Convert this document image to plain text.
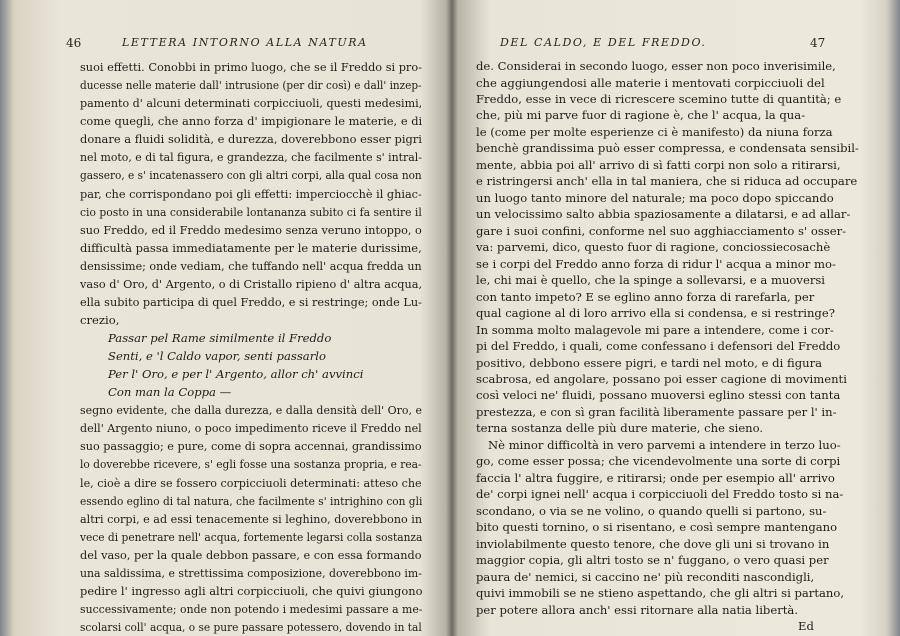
46	LETTERA INTORNO ALLA NATURA
suoi effetti. Conobbi in primo luogo, che se il Freddo si pro-
ducesse nelle materie dall' intrusione (per dir così) e dall' inzep-
pamento d' alcuni determinati corpicciuoli, questi medesimi,
come quegli, che anno forza d' impigionare le materie, e di
donare a fluidi solidità, e durezza, doverebbono esser pigri
nel moto, e di tal figura, e grandezza, che facilmente s' intral-
gassero, e s' incatenassero con gli altri corpi, alla qual cosa non
par, che corrispondano poi gli effetti: imperciocchè il ghiac-
cio posto in una considerabile lontananza subito ci fa sentire il
suo Freddo, ed il Freddo medesimo senza veruno intoppo, o
difficultà passa immediatamente per le materie durissime,
densissime; onde vediam, che tuffando nell' acqua fredda un
vaso d' Oro, d' Argento, o di Cristallo ripieno d' altra acqua,
ella subito participa di quel Freddo, e si restringe; onde Lu-
crezio,
Passar pel Rame similmente il Freddo
Senti, e 'l Caldo vapor, senti passarlo
Per l' Oro, e per l' Argento, allor ch' avvinci
Con man la Coppa —
segno evidente, che dalla durezza, e dalla densità dell' Oro, e
dell' Argento niuno, o poco impedimento riceve il Freddo nel
suo passaggio; e pure, come di sopra accennai, grandissimo
lo doverebbe ricevere, s' egli fosse una sostanza propria, e rea-
le, cioè a dire se fossero corpicciuoli determinati: atteso che
essendo eglino di tal natura, che facilmente s' intrighino con gli
altri corpi, e ad essi tenacemente si leghino, doverebbono in
vece di penetrare nell' acqua, fortemente legarsi colla sostanza
del vaso, per la quale debbon passare, e con essa formando
una saldissima, e strettissima composizione, doverebbono im-
pedire l' ingresso agli altri corpicciuoli, che quivi giungono
successivamente; onde non potendo i medesimi passare a me-
scolarsi coll' acqua, o se pure passare potessero, dovendo in tal
DEL CALDO, E DEL FREDDO.	47
de. Considerai in secondo luogo, esser non poco inverisimile,
che aggiungendosi alle materie i mentovati corpicciuoli del
Freddo, esse in vece di ricrescere scemino tutte di quantità; e
che, più mi parve fuor di ragione è, che l' acqua, la qua-
le (come per molte esperienze ci è manifesto) da niuna forza
benchè grandissima può esser compressa, e condensata sensibil-
mente, abbia poi all' arrivo di sì fatti corpi non solo a ritirarsi,
e ristringersi anch' ella in tal maniera, che si riduca ad occupare
un luogo tanto minore del naturale; ma poco dopo spiccando
un velocissimo salto abbia spaziosamente a dilatarsi, e ad allar-
gare i suoi confini, conforme nel suo agghiacciamento s' osser-
va: parvemi, dico, questo fuor di ragione, conciossiecosachè
se i corpi del Freddo anno forza di ridur l' acqua a minor mo-
le, chi mai è quello, che la spinge a sollevarsi, e a muoversi
con tanto impeto? E se eglino anno forza di rarefarla, per
qual cagione al di loro arrivo ella si condensa, e si restringe?
In somma molto malagevole mi pare a intendere, come i cor-
pi del Freddo, i quali, come confessano i defensori del Freddo
positivo, debbono essere pigri, e tardi nel moto, e di figura
scabrosa, ed angolare, possano poi esser cagione di movimenti
così veloci ne' fluidi, possano muoversi eglino stessi con tanta
prestezza, e con sì gran facilità liberamente passare per l' in-
terna sostanza delle più dure materie, che sieno.
Nè minor difficoltà in vero parvemi a intendere in terzo luo-
go, come esser possa; che vicendevolmente una sorte di corpi
faccia l' altra fuggire, e ritirarsi; onde per esempio all' arrivo
de' corpi ignei nell' acqua i corpicciuoli del Freddo tosto si na-
scondano, o via se ne volino, o quando quelli si partono, su-
bito questi tornino, o si risentano, e così sempre mantengano
inviolabilmente questo tenore, che dove gli uni si trovano in
maggior copia, gli altri tosto se n' fuggano, o vero quasi per
paura de' nemici, si caccino ne' più reconditi nascondigli,
quivi immobili se ne stieno aspettando, che gli altri si partano,
per potere allora anch' essi ritornare alla natia libertà.
Ed
